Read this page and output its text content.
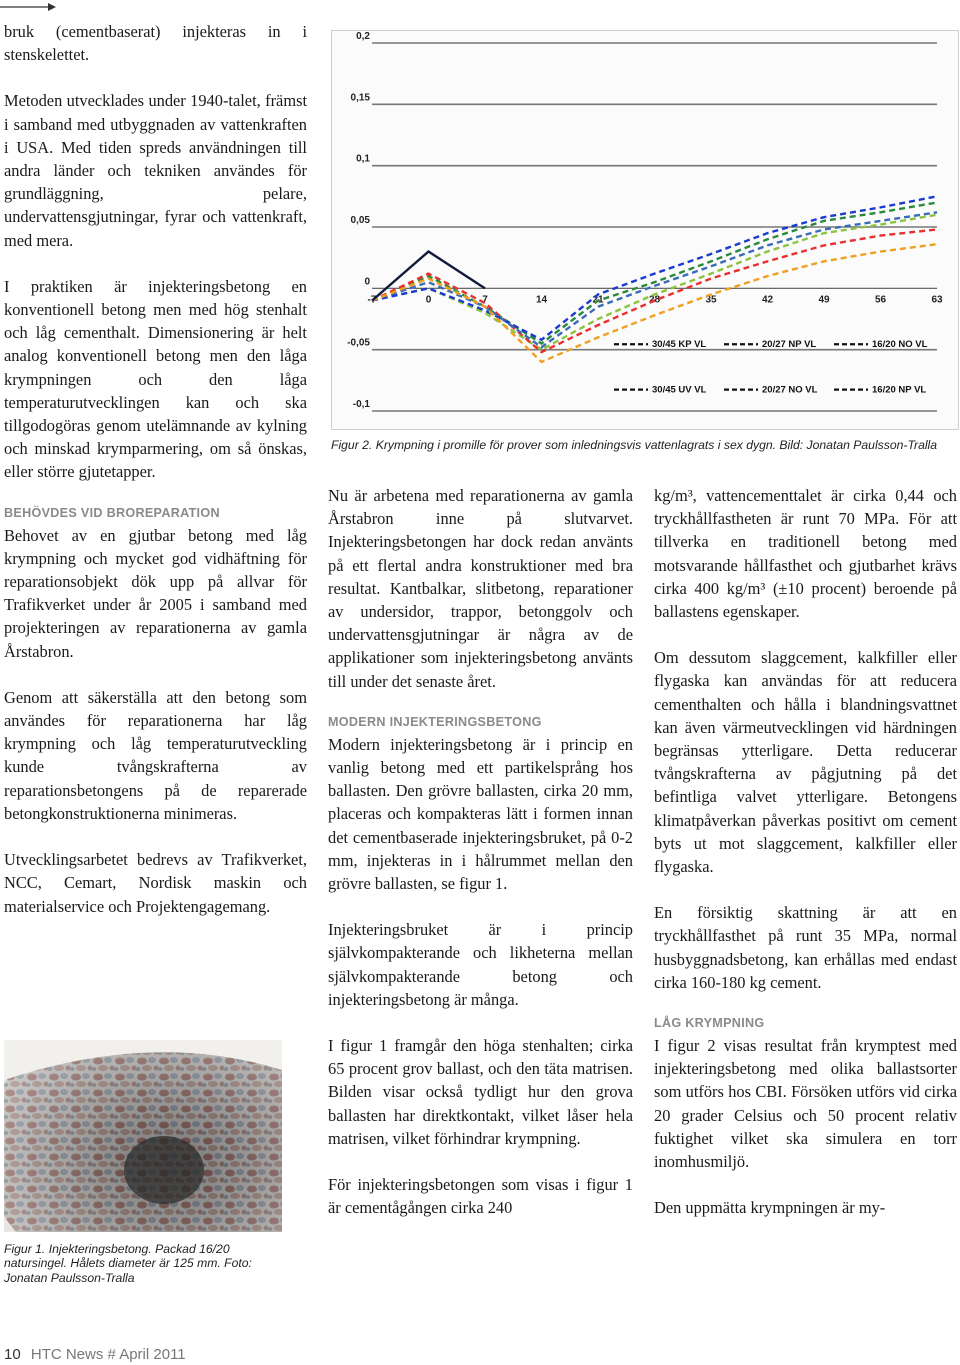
bruk (cementbaserat) injekteras in i stenskelettet.

Metoden utvecklades under 1940-talet, främst i samband med utbyggnaden av vattenkraften i USA. Med tiden spreds användningen till andra länder och tekniken användes för grundläggning, pelare, undervattensgjutningar, fyrar och vattenkraft, med mera.

I praktiken är injekteringsbetong en konventionell betong men med hög stenhalt och låg cementhalt. Dimensionering är helt analog konventionell betong men den låga krympningen och den låga temperaturutvecklingen kan och ska tillgodogöras genom utelämnande av kylning och minskad krymparmering, om så önskas, eller större gjutetapper.

BEHÖVDES VID BROREPARATION

Behovet av en gjutbar betong med låg krympning och mycket god vidhäftning för reparationsobjekt dök upp på allvar för Trafikverket under år 2005 i samband med projekteringen av reparationerna av gamla Årstabron.

Genom att säkerställa att den betong som användes för reparationerna har låg krympning och låg temperaturutveckling kunde tvångskrafterna av reparationsbetongens på de reparerade betongkonstruktionerna minimeras.

Utvecklingsarbetet bedrevs av Trafikverket, NCC, Cemart, Nordisk maskin och materialservice och Projektengagemang.

Figur 1. Injekteringsbetong. Packad 16/20 natursingel. Hålets diameter är 125 mm. Foto: Jonatan Paulsson-Tralla
0,2
0,15
0,1
0,05
0
-0,05
-0,1
-7	0	7	14	21	28	35	42	49	56	63
30/45 KP VL	20/27 NP VL	16/20 NO VL
30/45 UV VL	20/27 NO VL	16/20 NP VL
Figur 2. Krympning i promille för prover som inledningsvis vattenlagrats i sex dygn. Bild: Jonatan Paulsson-Tralla

Nu är arbetena med reparationerna av gamla Årstabron inne på slutvarvet. Injekteringsbetongen har dock redan använts på ett flertal andra konstruktioner med bra resultat. Kantbalkar, slitbetong, reparationer av undersidor, trappor, betonggolv och undervattensgjutningar är några av de applikationer som injekteringsbetong använts till under det senaste året.

MODERN INJEKTERINGSBETONG

Modern injekteringsbetong är i princip en vanlig betong med ett partikelsprång hos ballasten. Den grövre ballasten, cirka 20 mm, placeras och kompakteras lätt i formen innan det cementbaserade injekteringsbruket, på 0-2 mm, injekteras in i hålrummet mellan den grövre ballasten, se figur 1.

Injekteringsbruket är i princip självkompakterande och likheterna mellan självkompakterande betong och injekteringsbetong är många.

I figur 1 framgår den höga stenhalten; cirka 65 procent grov ballast, och den täta matrisen. Bilden visar också tydligt hur den grova ballasten har direktkontakt, vilket låser hela matrisen, vilket förhindrar krympning.

För injekteringsbetongen som visas i figur 1 är cementågången cirka 240

kg/m³, vattencementtalet är cirka 0,44 och tryckhållfastheten är runt 70 MPa. För att tillverka en traditionell betong med motsvarande hållfasthet och gjutbarhet krävs cirka 400 kg/m³ (±10 procent) beroende på ballastens egenskaper.

Om dessutom slaggcement, kalkfiller eller flygaska kan användas för att reducera cementhalten och hålla i blandningsvattnet kan även värmeutvecklingen vid härdningen begränsas ytterligare. Detta reducerar tvångskrafterna av pågjutning på det befintliga valvet ytterligare. Betongens klimatpåverkan påverkas positivt om cement byts ut mot slaggcement, kalkfiller eller flygaska.

En försiktig skattning är att en tryckhållfasthet på runt 35 MPa, normal husbyggnadsbetong, kan erhållas med endast cirka 160-180 kg cement.

LÅG KRYMPNING

I figur 2 visas resultat från krymptest med injekteringsbetong med olika ballastsorter som utförs hos CBI. Försöken utförs vid cirka 20 grader Celsius och 50 procent relativ fuktighet vilket ska simulera en torr inomhusmiljö.

Den uppmätta krympningen är my-

10 HTC News # April 2011
